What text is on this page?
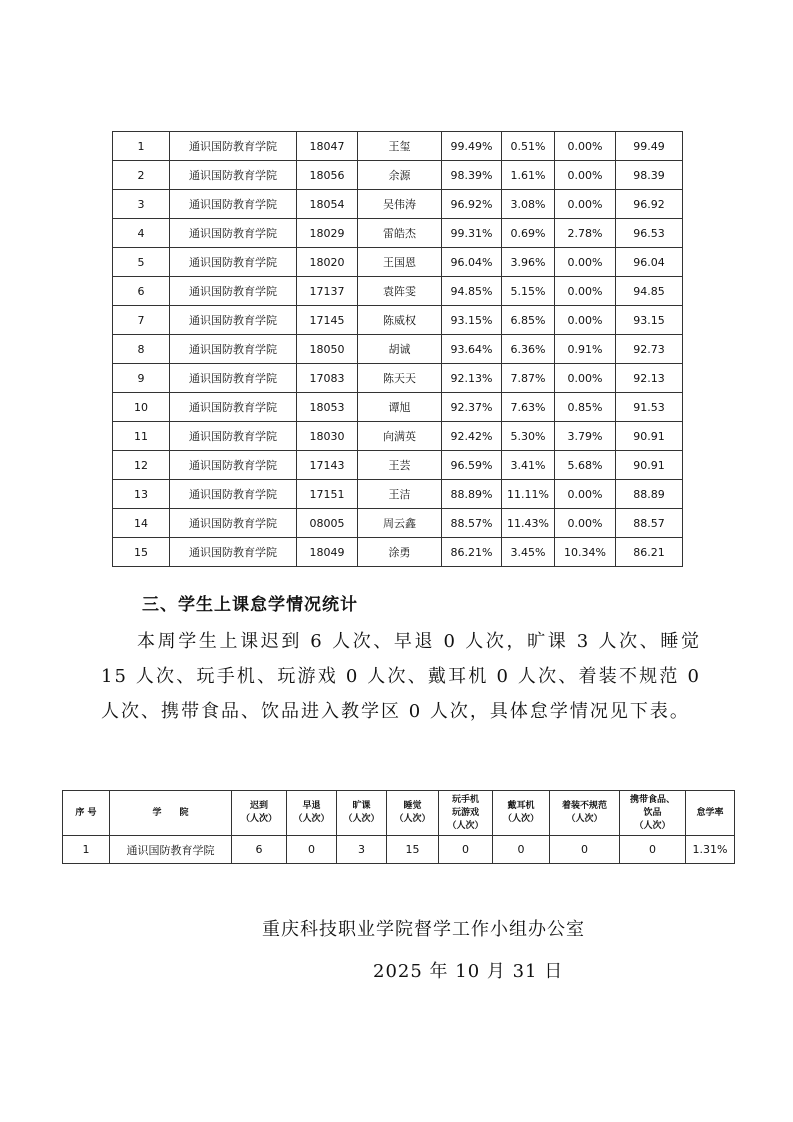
1	通识国防教育学院	18047	王玺	99.49%	0.51%	0.00%	99.49
2	通识国防教育学院	18056	余源	98.39%	1.61%	0.00%	98.39
3	通识国防教育学院	18054	吴伟涛	96.92%	3.08%	0.00%	96.92
4	通识国防教育学院	18029	雷皓杰	99.31%	0.69%	2.78%	96.53
5	通识国防教育学院	18020	王国恩	96.04%	3.96%	0.00%	96.04
6	通识国防教育学院	17137	袁阵雯	94.85%	5.15%	0.00%	94.85
7	通识国防教育学院	17145	陈威权	93.15%	6.85%	0.00%	93.15
8	通识国防教育学院	18050	胡诚	93.64%	6.36%	0.91%	92.73
9	通识国防教育学院	17083	陈天天	92.13%	7.87%	0.00%	92.13
10	通识国防教育学院	18053	谭旭	92.37%	7.63%	0.85%	91.53
11	通识国防教育学院	18030	向满英	92.42%	5.30%	3.79%	90.91
12	通识国防教育学院	17143	王芸	96.59%	3.41%	5.68%	90.91
13	通识国防教育学院	17151	王洁	88.89%	11.11%	0.00%	88.89
14	通识国防教育学院	08005	周云鑫	88.57%	11.43%	0.00%	88.57
15	通识国防教育学院	18049	涂勇	86.21%	3.45%	10.34%	86.21
三、学生上课怠学情况统计

本周学生上课迟到 6 人次、早退 0 人次，旷课 3 人次、睡觉 15 人次、玩手机、玩游戏 0 人次、戴耳机 0 人次、着装不规范 0 人次、携带食品、饮品进入教学区 0 人次，具体怠学情况见下表。

序 号	学　　院	迟到
（人次）	早退
（人次）	旷课
（人次）	睡觉
（人次）	玩手机
玩游戏
（人次）	戴耳机
（人次）	着装不规范
（人次）	携带食品、
饮品
（人次）	怠学率

1	通识国防教育学院	6	0	3	15	0	0	0	0	1.31%
重庆科技职业学院督学工作小组办公室
2025 年 10 月 31 日
